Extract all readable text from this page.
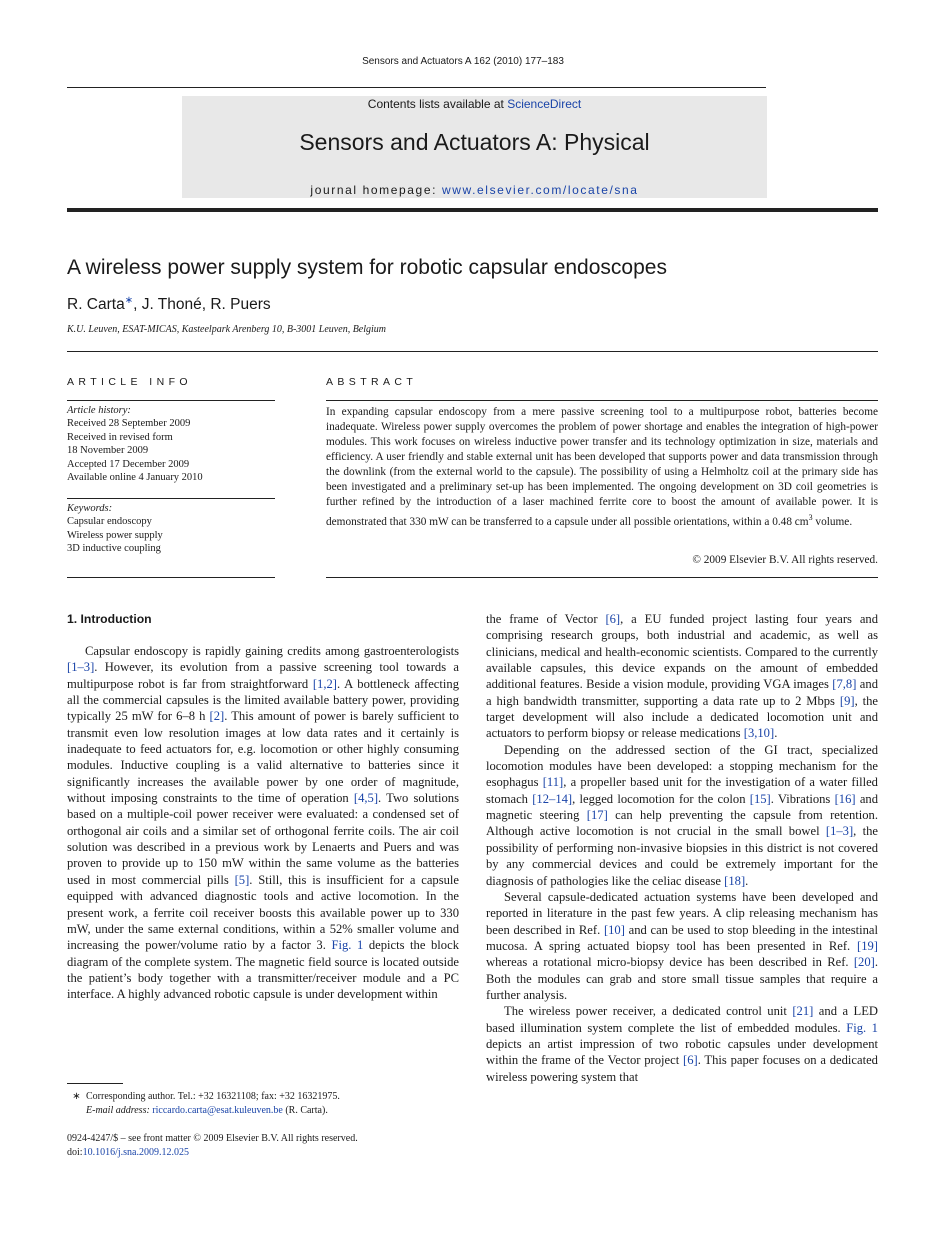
Sensors and Actuators A 162 (2010) 177–183
Contents lists available at ScienceDirect
Sensors and Actuators A: Physical
journal homepage: www.elsevier.com/locate/sna
A wireless power supply system for robotic capsular endoscopes
R. Carta∗, J. Thoné, R. Puers
K.U. Leuven, ESAT-MICAS, Kasteelpark Arenberg 10, B-3001 Leuven, Belgium
ARTICLE INFO
Article history:
Received 28 September 2009
Received in revised form
18 November 2009
Accepted 17 December 2009
Available online 4 January 2010
Keywords:
Capsular endoscopy
Wireless power supply
3D inductive coupling
ABSTRACT
In expanding capsular endoscopy from a mere passive screening tool to a multipurpose robot, batteries become inadequate. Wireless power supply overcomes the problem of power shortage and enables the integration of high-power modules. This work focuses on wireless inductive power transfer and its technology optimization in size, materials and efficiency. A user friendly and stable external unit has been developed that supports power and data transmission through the downlink (from the external world to the capsule). The possibility of using a Helmholtz coil at the primary side has been investigated and a preliminary set-up has been implemented. The ongoing development on 3D coil geometries is further refined by the introduction of a laser machined ferrite core to boost the amount of available power. It is demonstrated that 330 mW can be transferred to a capsule under all possible orientations, within a 0.48 $cm^3$ volume.
© 2009 Elsevier B.V. All rights reserved.
1. Introduction

Capsular endoscopy is rapidly gaining credits among gastroenterologists [1–3]. However, its evolution from a passive screening tool towards a multipurpose robot is far from straightforward [1,2]. A bottleneck affecting all the commercial capsules is the limited available battery power, providing typically 25 mW for 6–8 h [2]. This amount of power is barely sufficient to transmit even low resolution images at low data rates and it certainly is inadequate to feed actuators for, e.g. locomotion or other highly consuming modules. Inductive coupling is a valid alternative to batteries since it significantly increases the available power by one order of magnitude, without imposing constraints to the time of operation [4,5]. Two solutions based on a multiple-coil power receiver were evaluated: a condensed set of orthogonal air coils and a similar set of orthogonal ferrite coils. The air coil solution was described in a previous work by Lenaerts and Puers and was proven to provide up to 150 mW within the same volume as the batteries used in most commercial pills [5]. Still, this is insufficient for a capsule equipped with advanced diagnostic tools and active locomotion. In the present work, a ferrite coil receiver boosts this available power up to 330 mW, under the same external conditions, within a 52% smaller volume and increasing the power/volume ratio by a factor 3. Fig. 1 depicts the block diagram of the complete system. The magnetic field source is located outside the patient’s body together with a transmitter/receiver module and a PC interface. A highly advanced robotic capsule is under development within

the frame of Vector [6], a EU funded project lasting four years and comprising research groups, both industrial and academic, as well as clinicians, medical and health-economic scientists. Compared to the currently available capsules, this device expands on the amount of embedded additional features. Beside a vision module, providing VGA images [7,8] and a high bandwidth transmitter, supporting a data rate up to 2 Mbps [9], the target development will also include a dedicated locomotion unit and actuators to perform biopsy or release medications [3,10].

Depending on the addressed section of the GI tract, specialized locomotion modules have been developed: a stopping mechanism for the esophagus [11], a propeller based unit for the investigation of a water filled stomach [12–14], legged locomotion for the colon [15]. Vibrations [16] and magnetic steering [17] can help preventing the capsule from retention. Although active locomotion is not crucial in the small bowel [1–3], the possibility of performing non-invasive biopsies in this district is not covered by any commercial devices and could be extremely important for the diagnosis of pathologies like the celiac disease [18].

Several capsule-dedicated actuation systems have been developed and reported in literature in the past few years. A clip releasing mechanism has been described in Ref. [10] and can be used to stop bleeding in the intestinal mucosa. A spring actuated biopsy tool has been presented in Ref. [19] whereas a rotational micro-biopsy device has been described in Ref. [20]. Both the modules can grab and store small tissue samples that require a further analysis.

The wireless power receiver, a dedicated control unit [21] and a LED based illumination system complete the list of embedded modules. Fig. 1 depicts an artist impression of two robotic capsules under development within the frame of the Vector project [6]. This paper focuses on a dedicated wireless powering system that

∗ Corresponding author. Tel.: +32 16321108; fax: +32 16321975.
E-mail address: riccardo.carta@esat.kuleuven.be (R. Carta).
0924-4247/$ – see front matter © 2009 Elsevier B.V. All rights reserved.
doi:10.1016/j.sna.2009.12.025
